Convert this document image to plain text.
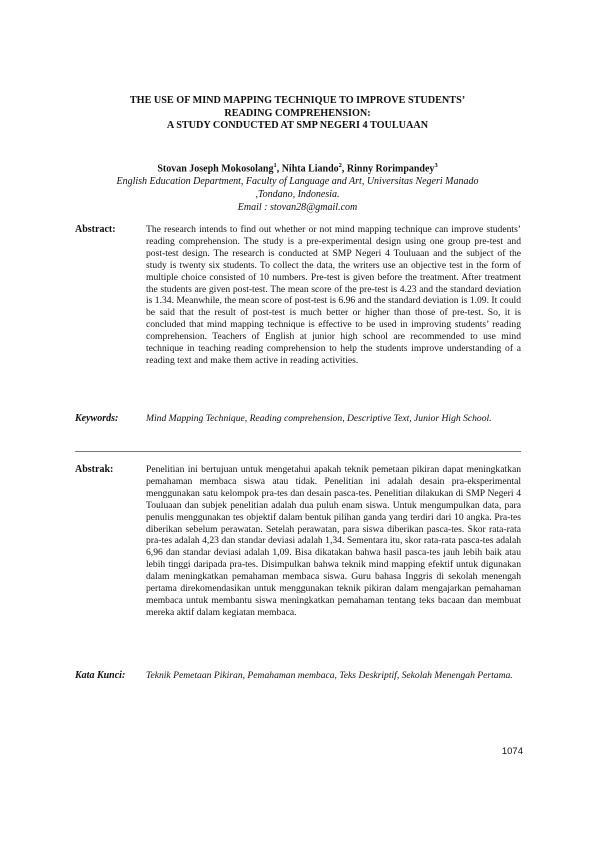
THE USE OF MIND MAPPING TECHNIQUE TO IMPROVE STUDENTS’
READING COMPREHENSION:
A STUDY CONDUCTED AT SMP NEGERI 4 TOULUAAN
Stovan Joseph Mokosolang$^1$, Nihta Liando$^2$, Rinny Rorimpandey$^3$
English Education Department, Faculty of Language and Art, Universitas Negeri Manado
,Tondano, Indonesia.
Email : stovan28@gmail.com
Abstract:	The research intends to find out whether or not mind mapping technique can improve students’ reading comprehension. The study is a pre-experimental design using one group pre-test and post-test design. The research is conducted at SMP Negeri 4 Touluaan and the subject of the study is twenty six students. To collect the data, the writers use an objective test in the form of multiple choice consisted of 10 numbers. Pre-test is given before the treatment. After treatment the students are given post-test. The mean score of the pre-test is 4.23 and the standard deviation is 1.34. Meanwhile, the mean score of post-test is 6.96 and the standard deviation is 1.09. It could be said that the result of post-test is much better or higher than those of pre-test. So, it is concluded that mind mapping technique is effective to be used in improving students’ reading comprehension. Teachers of English at junior high school are recommended to use mind technique in teaching reading comprehension to help the students improve understanding of a reading text and make them active in reading activities.
Keywords:	Mind Mapping Technique, Reading comprehension, Descriptive Text, Junior High School.
Abstrak:	Penelitian ini bertujuan untuk mengetahui apakah teknik pemetaan pikiran dapat meningkatkan pemahaman membaca siswa atau tidak. Penelitian ini adalah desain pra-eksperimental menggunakan satu kelompok pra-tes dan desain pasca-tes. Penelitian dilakukan di SMP Negeri 4 Touluaan dan subjek penelitian adalah dua puluh enam siswa. Untuk mengumpulkan data, para penulis menggunakan tes objektif dalam bentuk pilihan ganda yang terdiri dari 10 angka. Pra-tes diberikan sebelum perawatan. Setelah perawatan, para siswa diberikan pasca-tes. Skor rata-rata pra-tes adalah 4,23 dan standar deviasi adalah 1,34. Sementara itu, skor rata-rata pasca-tes adalah 6,96 dan standar deviasi adalah 1,09. Bisa dikatakan bahwa hasil pasca-tes jauh lebih baik atau lebih tinggi daripada pra-tes. Disimpulkan bahwa teknik mind mapping efektif untuk digunakan dalam meningkatkan pemahaman membaca siswa. Guru bahasa Inggris di sekolah menengah pertama direkomendasikan untuk menggunakan teknik pikiran dalam mengajarkan pemahaman membaca untuk membantu siswa meningkatkan pemahaman tentang teks bacaan dan membuat mereka aktif dalam kegiatan membaca.
Kata Kunci: Teknik Pemetaan Pikiran, Pemahaman membaca, Teks Deskriptif, Sekolah Menengah Pertama.
1074
